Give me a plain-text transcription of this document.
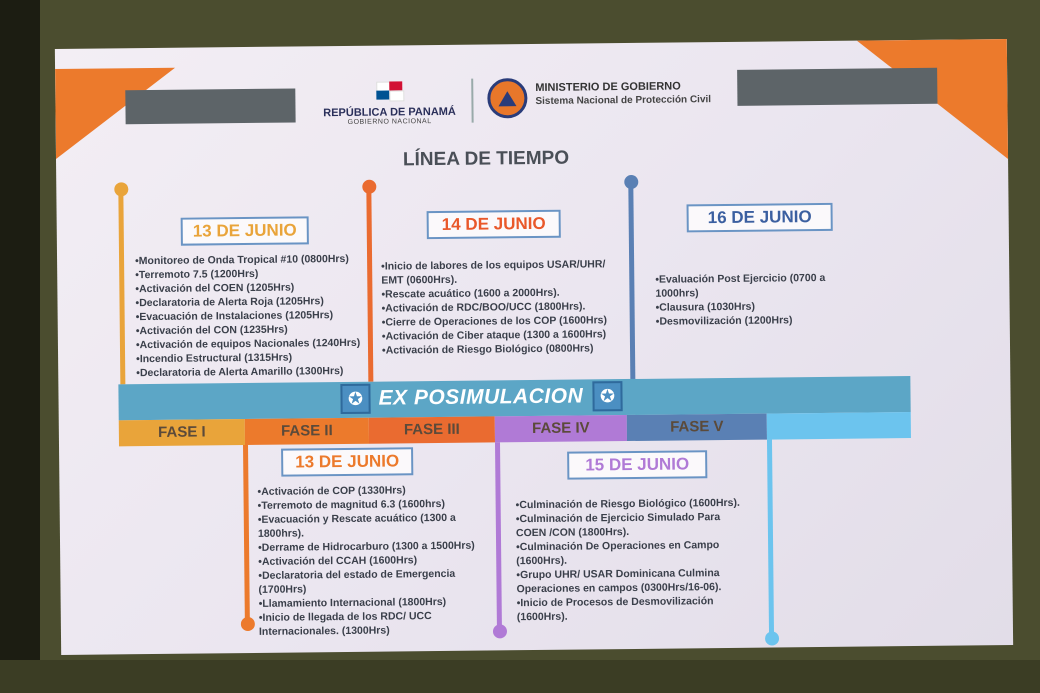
REPÚBLICA DE PANAMÁ
GOBIERNO NACIONAL
MINISTERIO DE GOBIERNO
Sistema Nacional de Protección Civil
LÍNEA DE TIEMPO
13 DE JUNIO
•Monitoreo de Onda Tropical #10 (0800Hrs)
•Terremoto 7.5 (1200Hrs)
•Activación del COEN (1205Hrs)
•Declaratoria de Alerta Roja (1205Hrs)
•Evacuación de Instalaciones (1205Hrs)
•Activación del CON (1235Hrs)
•Activación de equipos Nacionales (1240Hrs)
•Incendio Estructural (1315Hrs)
•Declaratoria de Alerta Amarillo (1300Hrs)
14 DE JUNIO
•Inicio de labores de los equipos USAR/UHR/
EMT (0600Hrs).
•Rescate acuático (1600 a 2000Hrs).
•Activación de RDC/BOO/UCC (1800Hrs).
•Cierre de Operaciones de los COP (1600Hrs)
•Activación de Ciber ataque (1300 a 1600Hrs)
•Activación de Riesgo Biológico (0800Hrs)
16 DE JUNIO
•Evaluación Post Ejercicio (0700 a
1000hrs)
•Clausura (1030Hrs)
•Desmovilización (1200Hrs)
✪ EX POSIMULACION ✪
FASE I	FASE II	FASE III	FASE IV	FASE V
13 DE JUNIO
•Activación de COP (1330Hrs)
•Terremoto de magnitud 6.3 (1600hrs)
•Evacuación y Rescate acuático (1300 a
1800hrs).
•Derrame de Hidrocarburo (1300 a 1500Hrs)
•Activación del CCAH (1600Hrs)
•Declaratoria del estado de Emergencia
(1700Hrs)
•Llamamiento Internacional (1800Hrs)
•Inicio de llegada de los RDC/ UCC
Internacionales. (1300Hrs)
15 DE JUNIO
•Culminación de Riesgo Biológico (1600Hrs).
•Culminación de Ejercicio Simulado Para
COEN /CON (1800Hrs).
•Culminación De Operaciones en Campo
(1600Hrs).
•Grupo UHR/ USAR Dominicana Culmina
Operaciones en campos (0300Hrs/16-06).
•Inicio de Procesos de Desmovilización
(1600Hrs).
